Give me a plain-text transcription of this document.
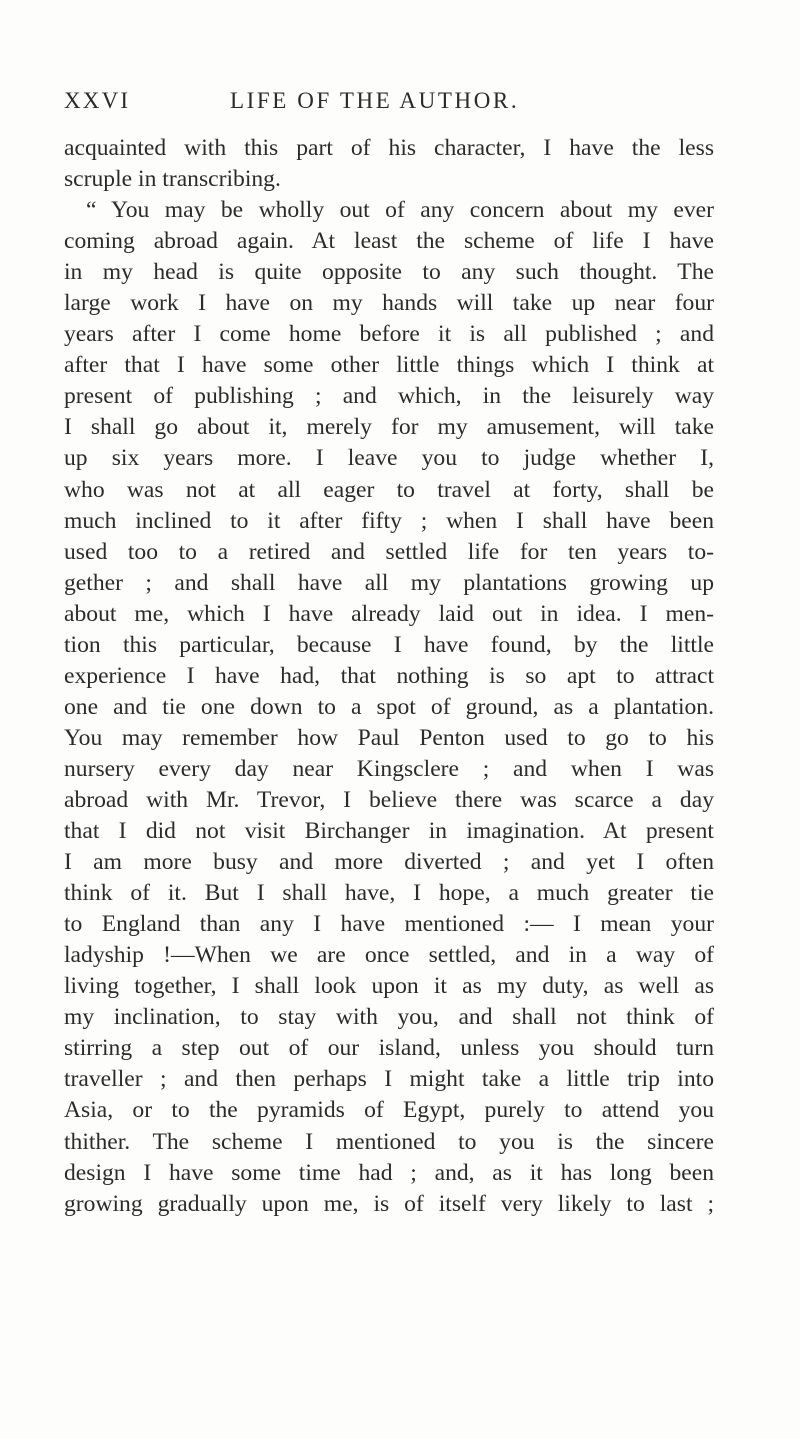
XXVI	LIFE OF THE AUTHOR.
acquainted with this part of his character, I have the less
scruple in transcribing.
“ You may be wholly out of any concern about my ever
coming abroad again. At least the scheme of life I have
in my head is quite opposite to any such thought. The
large work I have on my hands will take up near four
years after I come home before it is all published ; and
after that I have some other little things which I think at
present of publishing ; and which, in the leisurely way
I shall go about it, merely for my amusement, will take
up six years more. I leave you to judge whether I,
who was not at all eager to travel at forty, shall be
much inclined to it after fifty ; when I shall have been
used too to a retired and settled life for ten years to-
gether ; and shall have all my plantations growing up
about me, which I have already laid out in idea. I men-
tion this particular, because I have found, by the little
experience I have had, that nothing is so apt to attract
one and tie one down to a spot of ground, as a plantation.
You may remember how Paul Penton used to go to his
nursery every day near Kingsclere ; and when I was
abroad with Mr. Trevor, I believe there was scarce a day
that I did not visit Birchanger in imagination. At present
I am more busy and more diverted ; and yet I often
think of it. But I shall have, I hope, a much greater tie
to England than any I have mentioned :— I mean your
ladyship !—When we are once settled, and in a way of
living together, I shall look upon it as my duty, as well as
my inclination, to stay with you, and shall not think of
stirring a step out of our island, unless you should turn
traveller ; and then perhaps I might take a little trip into
Asia, or to the pyramids of Egypt, purely to attend you
thither. The scheme I mentioned to you is the sincere
design I have some time had ; and, as it has long been
growing gradually upon me, is of itself very likely to last ;
